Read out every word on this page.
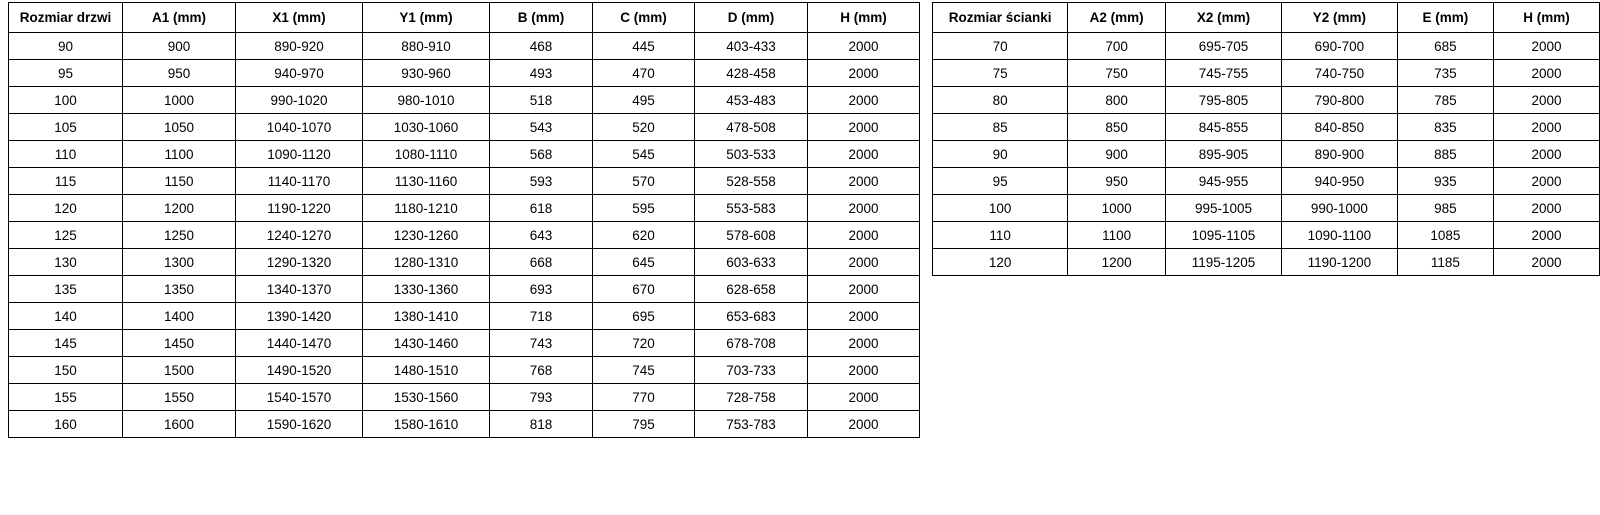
Rozmiar drzwi	A1 (mm)	X1 (mm)	Y1 (mm)	B (mm)	C (mm)	D (mm)	H (mm)
90	900	890-920	880-910	468	445	403-433	2000
95	950	940-970	930-960	493	470	428-458	2000
100	1000	990-1020	980-1010	518	495	453-483	2000
105	1050	1040-1070	1030-1060	543	520	478-508	2000
110	1100	1090-1120	1080-1110	568	545	503-533	2000
115	1150	1140-1170	1130-1160	593	570	528-558	2000
120	1200	1190-1220	1180-1210	618	595	553-583	2000
125	1250	1240-1270	1230-1260	643	620	578-608	2000
130	1300	1290-1320	1280-1310	668	645	603-633	2000
135	1350	1340-1370	1330-1360	693	670	628-658	2000
140	1400	1390-1420	1380-1410	718	695	653-683	2000
145	1450	1440-1470	1430-1460	743	720	678-708	2000
150	1500	1490-1520	1480-1510	768	745	703-733	2000
155	1550	1540-1570	1530-1560	793	770	728-758	2000
160	1600	1590-1620	1580-1610	818	795	753-783	2000
Rozmiar ścianki	A2 (mm)	X2 (mm)	Y2 (mm)	E (mm)	H (mm)
70	700	695-705	690-700	685	2000
75	750	745-755	740-750	735	2000
80	800	795-805	790-800	785	2000
85	850	845-855	840-850	835	2000
90	900	895-905	890-900	885	2000
95	950	945-955	940-950	935	2000
100	1000	995-1005	990-1000	985	2000
110	1100	1095-1105	1090-1100	1085	2000
120	1200	1195-1205	1190-1200	1185	2000
